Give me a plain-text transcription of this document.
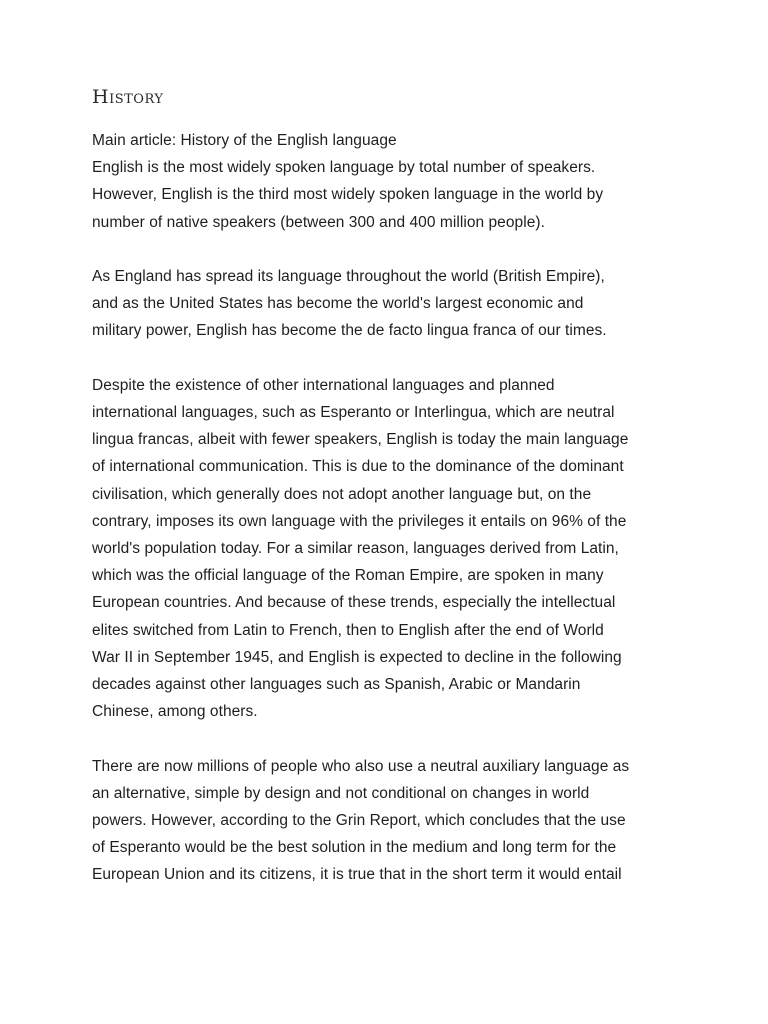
History

Main article: History of the English language

English is the most widely spoken language by total number of speakers.
However, English is the third most widely spoken language in the world by
number of native speakers (between 300 and 400 million people).

As England has spread its language throughout the world (British Empire),
and as the United States has become the world's largest economic and
military power, English has become the de facto lingua franca of our times.

Despite the existence of other international languages and planned
international languages, such as Esperanto or Interlingua, which are neutral
lingua francas, albeit with fewer speakers, English is today the main language
of international communication. This is due to the dominance of the dominant
civilisation, which generally does not adopt another language but, on the
contrary, imposes its own language with the privileges it entails on 96% of the
world's population today. For a similar reason, languages derived from Latin,
which was the official language of the Roman Empire, are spoken in many
European countries. And because of these trends, especially the intellectual
elites switched from Latin to French, then to English after the end of World
War II in September 1945, and English is expected to decline in the following
decades against other languages such as Spanish, Arabic or Mandarin
Chinese, among others.

There are now millions of people who also use a neutral auxiliary language as
an alternative, simple by design and not conditional on changes in world
powers. However, according to the Grin Report, which concludes that the use
of Esperanto would be the best solution in the medium and long term for the
European Union and its citizens, it is true that in the short term it would entail
